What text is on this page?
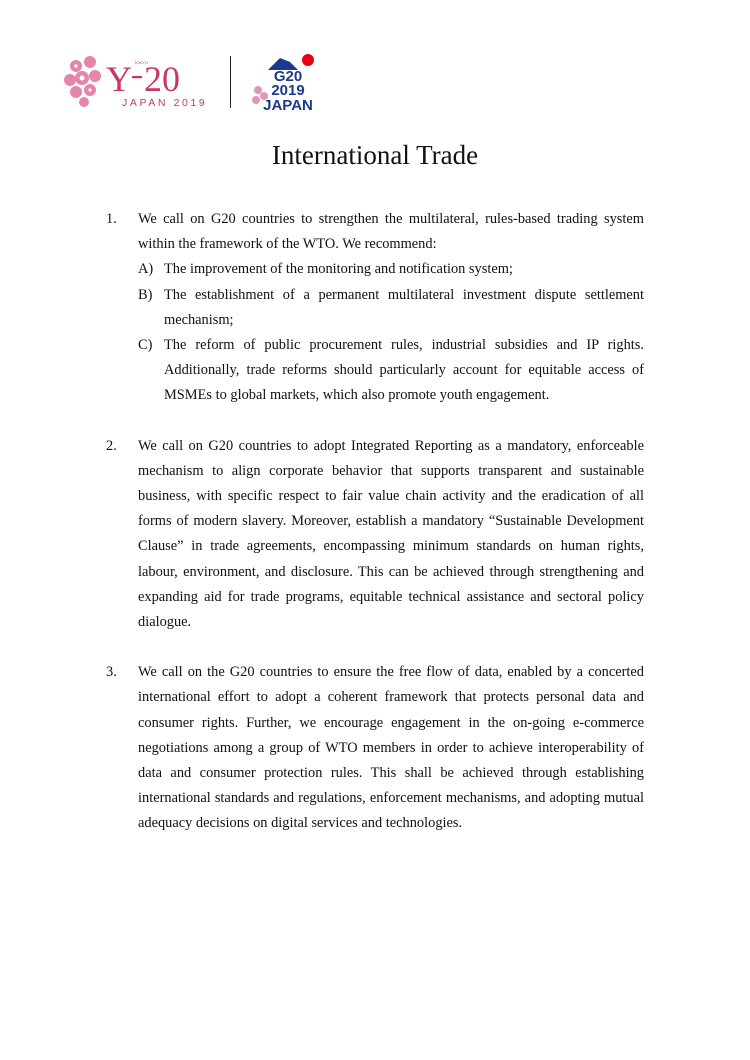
Y TOKYO
20
JAPAN 2019
G20
2019
JAPAN
International Trade
1. We call on G20 countries to strengthen the multilateral, rules-based trading system within the framework of the WTO. We recommend:
A) The improvement of the monitoring and notification system;
B) The establishment of a permanent multilateral investment dispute settlement mechanism;
C) The reform of public procurement rules, industrial subsidies and IP rights. Additionally, trade reforms should particularly account for equitable access of MSMEs to global markets, which also promote youth engagement.
2. We call on G20 countries to adopt Integrated Reporting as a mandatory, enforceable mechanism to align corporate behavior that supports transparent and sustainable business, with specific respect to fair value chain activity and the eradication of all forms of modern slavery. Moreover, establish a mandatory “Sustainable Development Clause” in trade agreements, encompassing minimum standards on human rights, labour, environment, and disclosure. This can be achieved through strengthening and expanding aid for trade programs, equitable technical assistance and sectoral policy dialogue.
3. We call on the G20 countries to ensure the free flow of data, enabled by a concerted international effort to adopt a coherent framework that protects personal data and consumer rights. Further, we encourage engagement in the on-going e-commerce negotiations among a group of WTO members in order to achieve interoperability of data and consumer protection rules. This shall be achieved through establishing international standards and regulations, enforcement mechanisms, and adopting mutual adequacy decisions on digital services and technologies.
